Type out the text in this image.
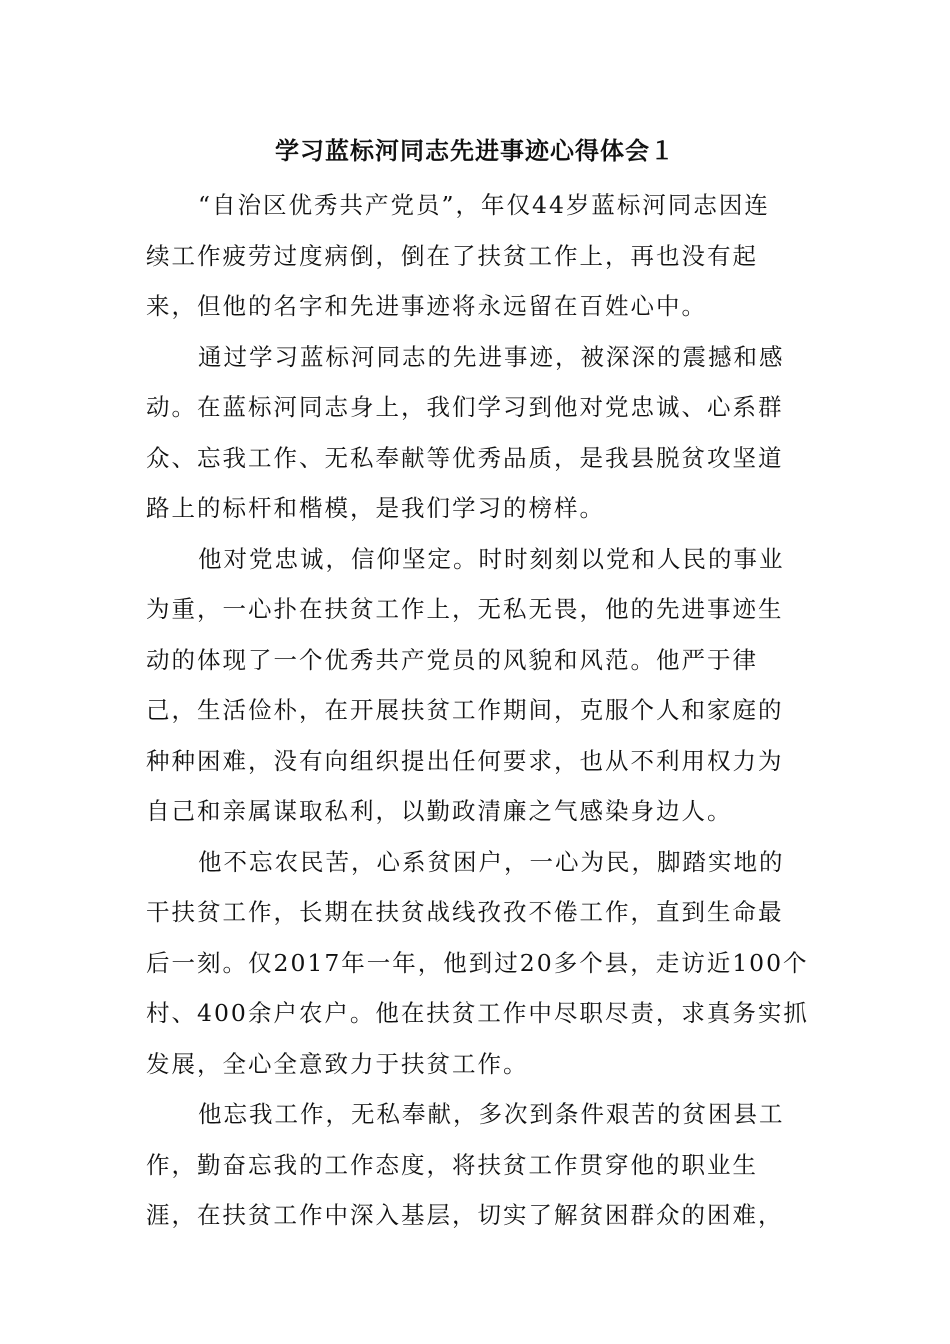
学习蓝标河同志先进事迹心得体会１
“自治区优秀共产党员”，年仅44岁蓝标河同志因连
续工作疲劳过度病倒，倒在了扶贫工作上，再也没有起
来，但他的名字和先进事迹将永远留在百姓心中。
通过学习蓝标河同志的先进事迹，被深深的震撼和感
动。在蓝标河同志身上，我们学习到他对党忠诚、心系群
众、忘我工作、无私奉献等优秀品质，是我县脱贫攻坚道
路上的标杆和楷模，是我们学习的榜样。
他对党忠诚，信仰坚定。时时刻刻以党和人民的事业
为重，一心扑在扶贫工作上，无私无畏，他的先进事迹生
动的体现了一个优秀共产党员的风貌和风范。他严于律
己，生活俭朴，在开展扶贫工作期间，克服个人和家庭的
种种困难，没有向组织提出任何要求，也从不利用权力为
自己和亲属谋取私利，以勤政清廉之气感染身边人。
他不忘农民苦，心系贫困户，一心为民，脚踏实地的
干扶贫工作，长期在扶贫战线孜孜不倦工作，直到生命最
后一刻。仅2017年一年，他到过20多个县，走访近100个
村、400余户农户。他在扶贫工作中尽职尽责，求真务实抓
发展，全心全意致力于扶贫工作。
他忘我工作，无私奉献，多次到条件艰苦的贫困县工
作，勤奋忘我的工作态度，将扶贫工作贯穿他的职业生
涯，在扶贫工作中深入基层，切实了解贫困群众的困难，
